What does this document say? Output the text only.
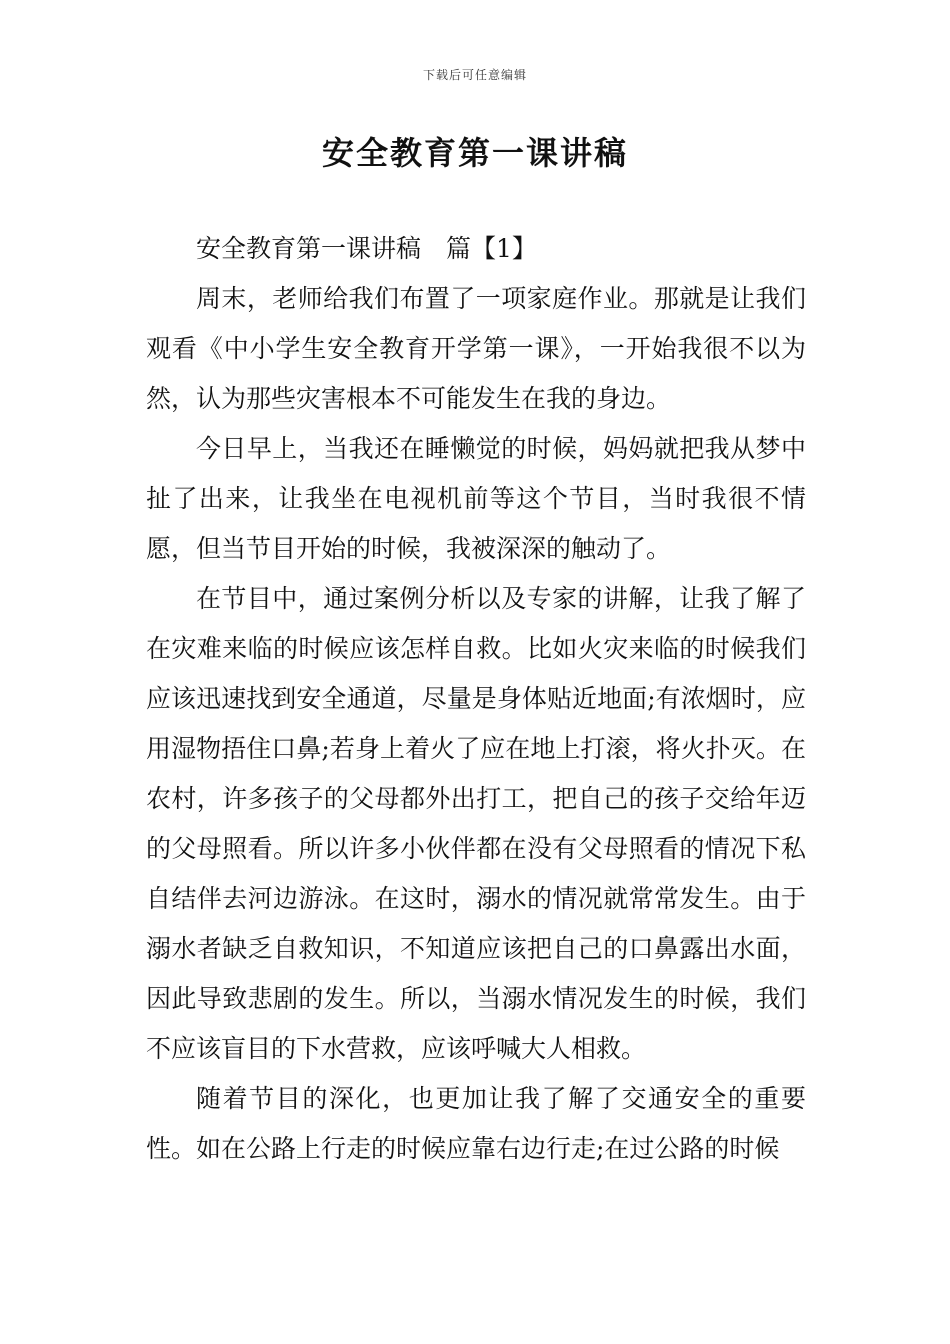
下载后可任意编辑
安全教育第一课讲稿

安全教育第一课讲稿　篇【1】

周末，老师给我们布置了一项家庭作业。那就是让我们观看《中小学生安全教育开学第一课》，一开始我很不以为然，认为那些灾害根本不可能发生在我的身边。

今日早上，当我还在睡懒觉的时候，妈妈就把我从梦中扯了出来，让我坐在电视机前等这个节目，当时我很不情愿，但当节目开始的时候，我被深深的触动了。

在节目中，通过案例分析以及专家的讲解，让我了解了在灾难来临的时候应该怎样自救。比如火灾来临的时候我们应该迅速找到安全通道，尽量是身体贴近地面;有浓烟时，应用湿物捂住口鼻;若身上着火了应在地上打滚，将火扑灭。在农村，许多孩子的父母都外出打工，把自己的孩子交给年迈的父母照看。所以许多小伙伴都在没有父母照看的情况下私自结伴去河边游泳。在这时，溺水的情况就常常发生。由于溺水者缺乏自救知识，不知道应该把自己的口鼻露出水面，因此导致悲剧的发生。所以，当溺水情况发生的时候，我们不应该盲目的下水营救，应该呼喊大人相救。

随着节目的深化，也更加让我了解了交通安全的重要性。如在公路上行走的时候应靠右边行走;在过公路的时候
